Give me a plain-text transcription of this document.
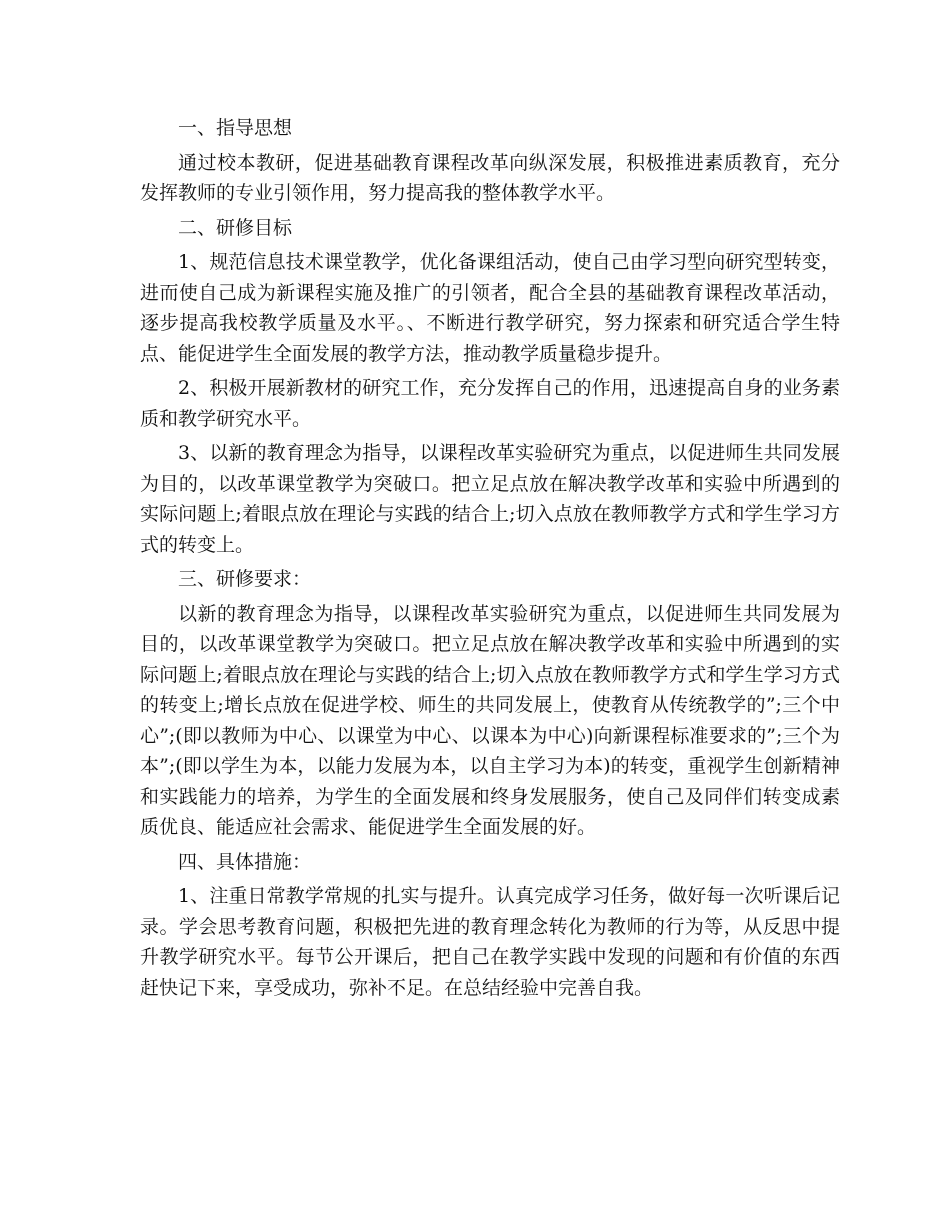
一、指导思想

通过校本教研，促进基础教育课程改革向纵深发展，积极推进素质教育，充分发挥教师的专业引领作用，努力提高我的整体教学水平。

二、研修目标

1、规范信息技术课堂教学，优化备课组活动，使自己由学习型向研究型转变，进而使自己成为新课程实施及推广的引领者，配合全县的基础教育课程改革活动，逐步提高我校教学质量及水平。、不断进行教学研究，努力探索和研究适合学生特点、能促进学生全面发展的教学方法，推动教学质量稳步提升。

2、积极开展新教材的研究工作，充分发挥自己的作用，迅速提高自身的业务素质和教学研究水平。

3、以新的教育理念为指导，以课程改革实验研究为重点，以促进师生共同发展为目的，以改革课堂教学为突破口。把立足点放在解决教学改革和实验中所遇到的实际问题上;着眼点放在理论与实践的结合上;切入点放在教师教学方式和学生学习方式的转变上。

三、研修要求：

以新的教育理念为指导，以课程改革实验研究为重点，以促进师生共同发展为目的，以改革课堂教学为突破口。把立足点放在解决教学改革和实验中所遇到的实际问题上;着眼点放在理论与实践的结合上;切入点放在教师教学方式和学生学习方式的转变上;增长点放在促进学校、师生的共同发展上，使教育从传统教学的”;三个中心”;(即以教师为中心、以课堂为中心、以课本为中心)向新课程标准要求的”;三个为本”;(即以学生为本，以能力发展为本，以自主学习为本)的转变，重视学生创新精神和实践能力的培养，为学生的全面发展和终身发展服务，使自己及同伴们转变成素质优良、能适应社会需求、能促进学生全面发展的好。

四、具体措施：

1、注重日常教学常规的扎实与提升。认真完成学习任务，做好每一次听课后记录。学会思考教育问题，积极把先进的教育理念转化为教师的行为等，从反思中提升教学研究水平。每节公开课后，把自己在教学实践中发现的问题和有价值的东西赶快记下来，享受成功，弥补不足。在总结经验中完善自我。
